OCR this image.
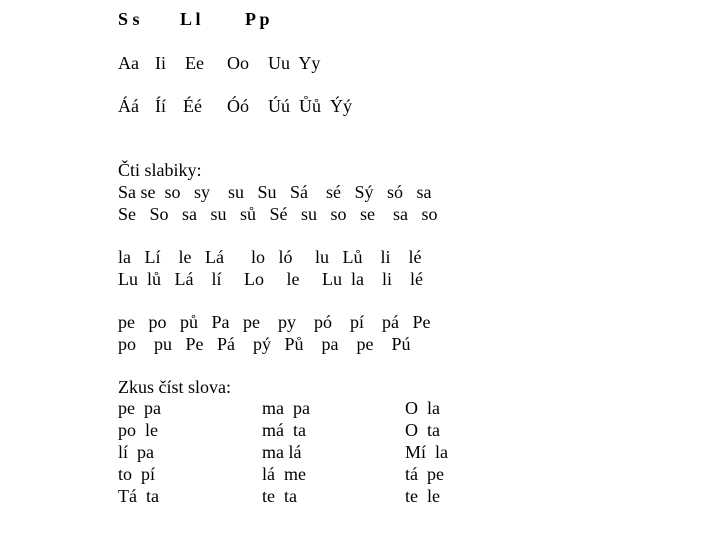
S s L l P p
Aa Ii Ee Oo Uu  Yy
Áá Íí Éé Óó Úú  Ůů  Ýý
Čti slabiky:
Sa se  so   sy    su   Su   Sá    sé   Sý   só   sa
Se   So   sa   su   sů   Sé   su   so   se    sa   so
la   Lí    le   Lá      lo   ló     lu   Lů    li    lé
Lu  lů   Lá    lí     Lo     le     Lu  la    li    lé
pe   po   pů   Pa   pe    py    pó    pí    pá   Pe
po    pu   Pe   Pá    pý   Pů    pa    pe    Pú
Zkus číst slova:
pe  pa
po  le
lí  pa
to  pí
Tá  ta
ma  pa
má  ta
ma lá
lá  me
te  ta
O  la
O  ta
Mí  la
tá  pe
te  le
